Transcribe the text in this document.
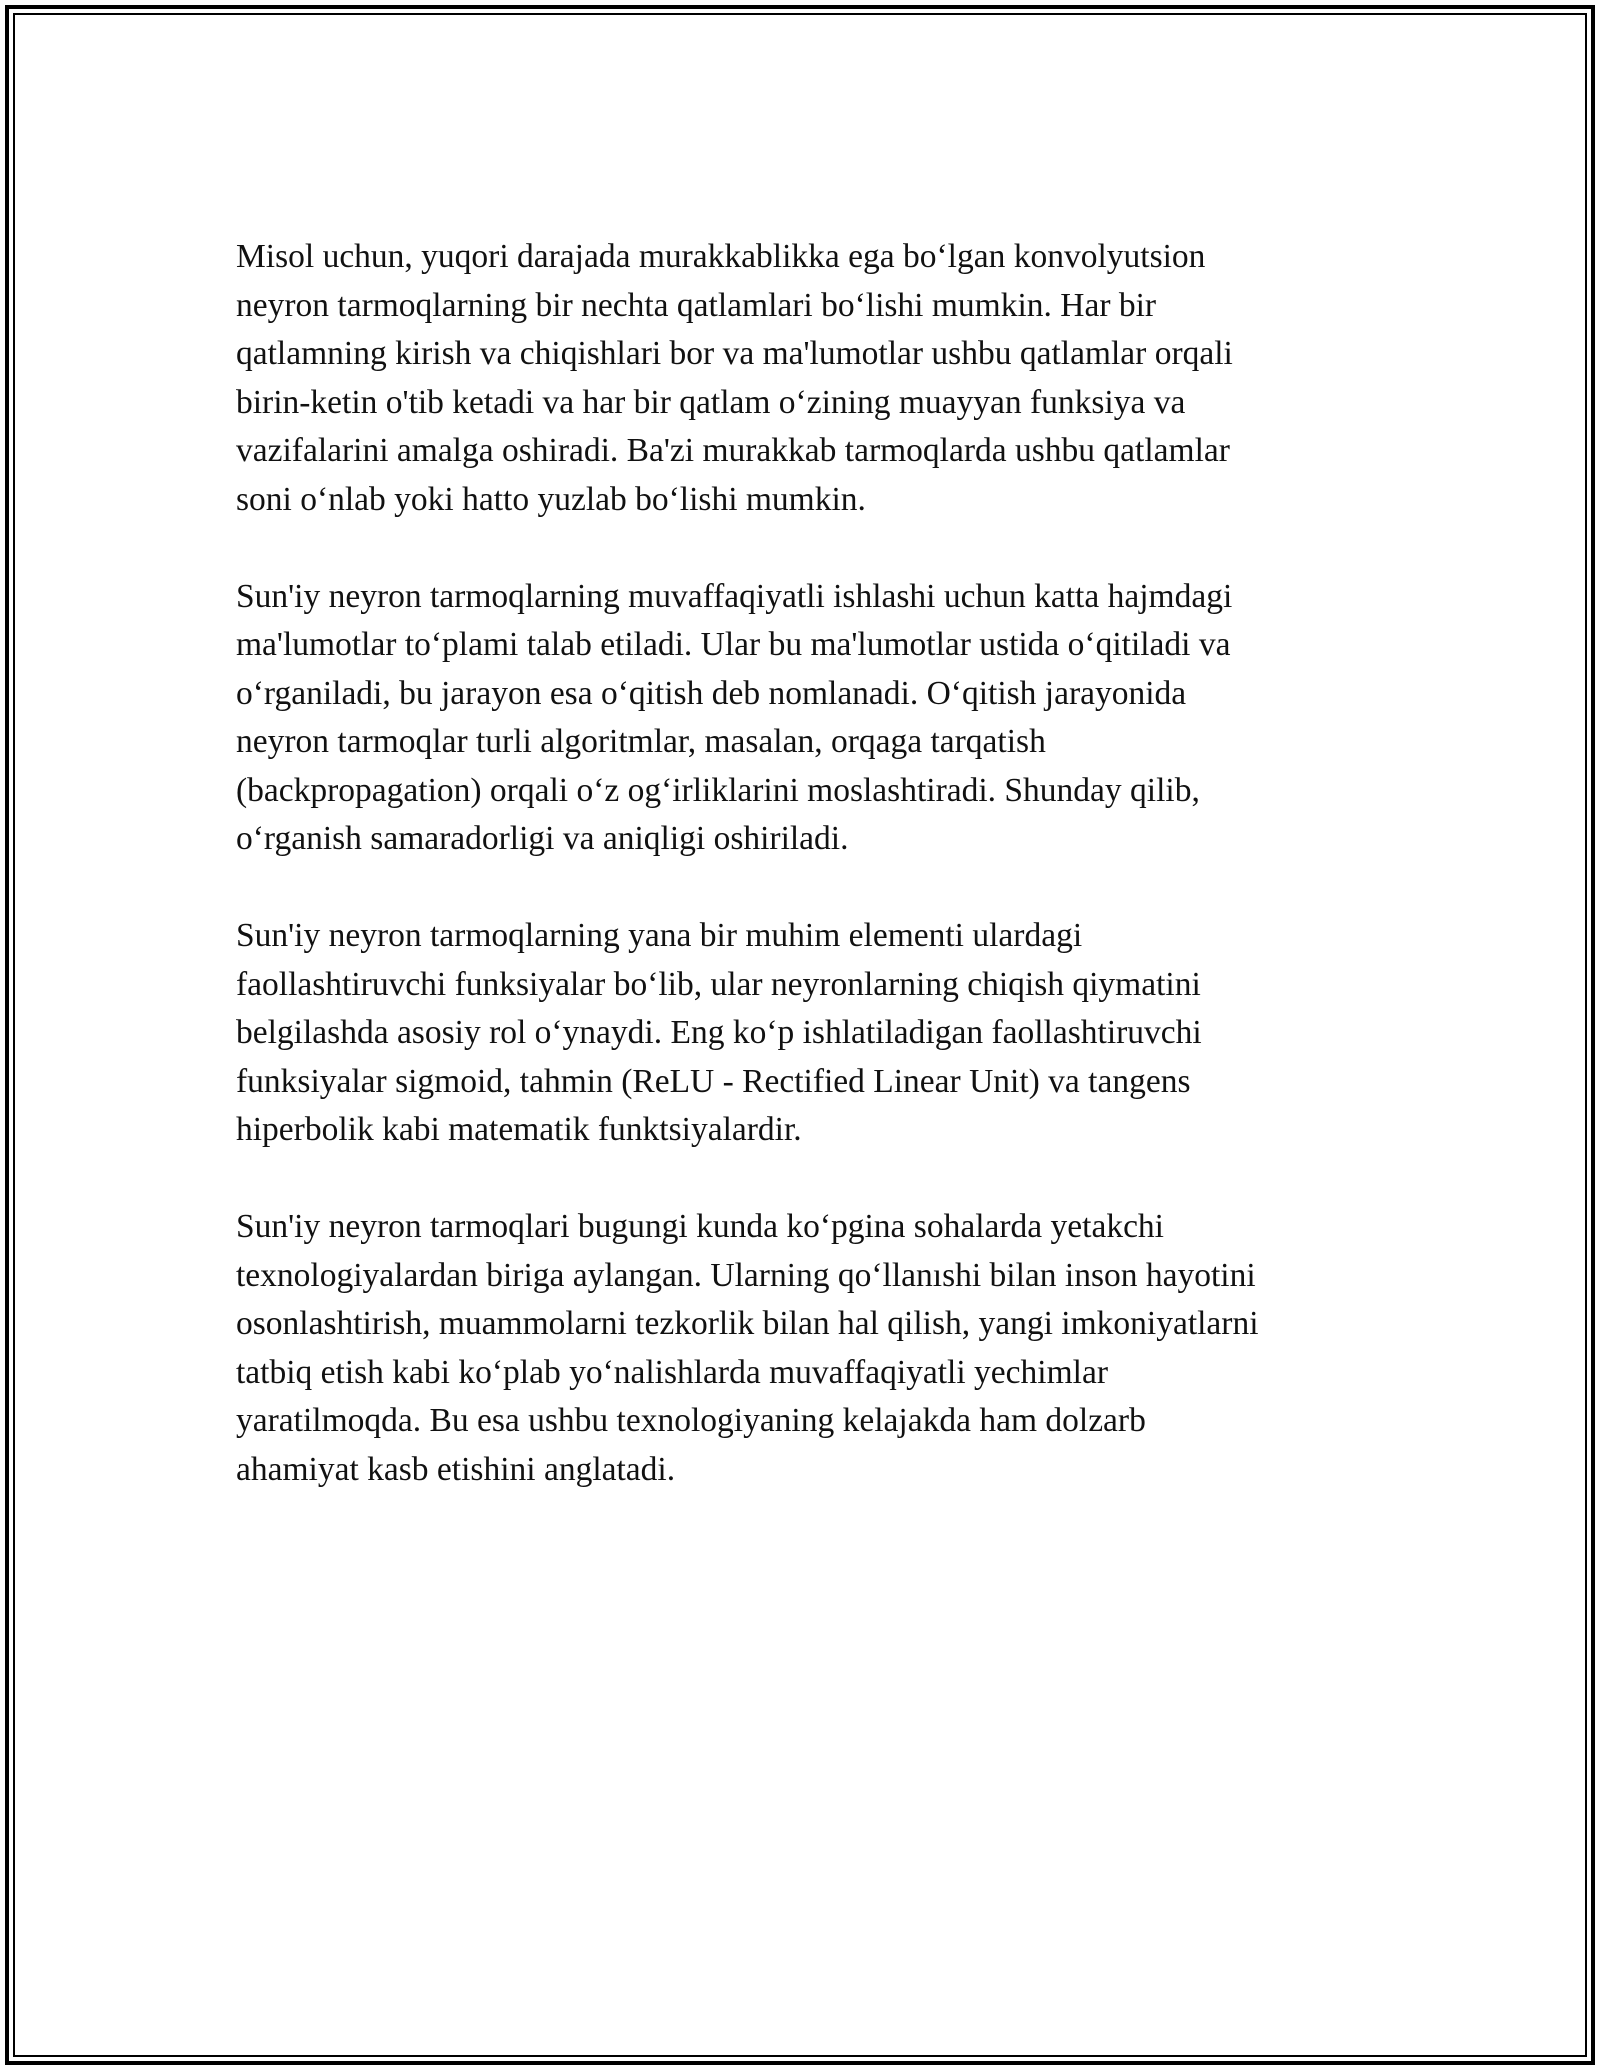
Misol uchun, yuqori darajada murakkablikka ega bo‘lgan konvolyutsion
neyron tarmoqlarning bir nechta qatlamlari bo‘lishi mumkin. Har bir
qatlamning kirish va chiqishlari bor va ma'lumotlar ushbu qatlamlar orqali
birin-ketin o'tib ketadi va har bir qatlam o‘zining muayyan funksiya va
vazifalarini amalga oshiradi. Ba'zi murakkab tarmoqlarda ushbu qatlamlar
soni o‘nlab yoki hatto yuzlab bo‘lishi mumkin.

Sun'iy neyron tarmoqlarning muvaffaqiyatli ishlashi uchun katta hajmdagi
ma'lumotlar to‘plami talab etiladi. Ular bu ma'lumotlar ustida o‘qitiladi va
o‘rganiladi, bu jarayon esa o‘qitish deb nomlanadi. O‘qitish jarayonida
neyron tarmoqlar turli algoritmlar, masalan, orqaga tarqatish
(backpropagation) orqali o‘z og‘irliklarini moslashtiradi. Shunday qilib,
o‘rganish samaradorligi va aniqligi oshiriladi.

Sun'iy neyron tarmoqlarning yana bir muhim elementi ulardagi
faollashtiruvchi funksiyalar bo‘lib, ular neyronlarning chiqish qiymatini
belgilashda asosiy rol o‘ynaydi. Eng ko‘p ishlatiladigan faollashtiruvchi
funksiyalar sigmoid, tahmin (ReLU - Rectified Linear Unit) va tangens
hiperbolik kabi matematik funktsiyalardir.

Sun'iy neyron tarmoqlari bugungi kunda ko‘pgina sohalarda yetakchi
texnologiyalardan biriga aylangan. Ularning qo‘llanıshi bilan inson hayotini
osonlashtirish, muammolarni tezkorlik bilan hal qilish, yangi imkoniyatlarni
tatbiq etish kabi ko‘plab yo‘nalishlarda muvaffaqiyatli yechimlar
yaratilmoqda. Bu esa ushbu texnologiyaning kelajakda ham dolzarb
ahamiyat kasb etishini anglatadi.
